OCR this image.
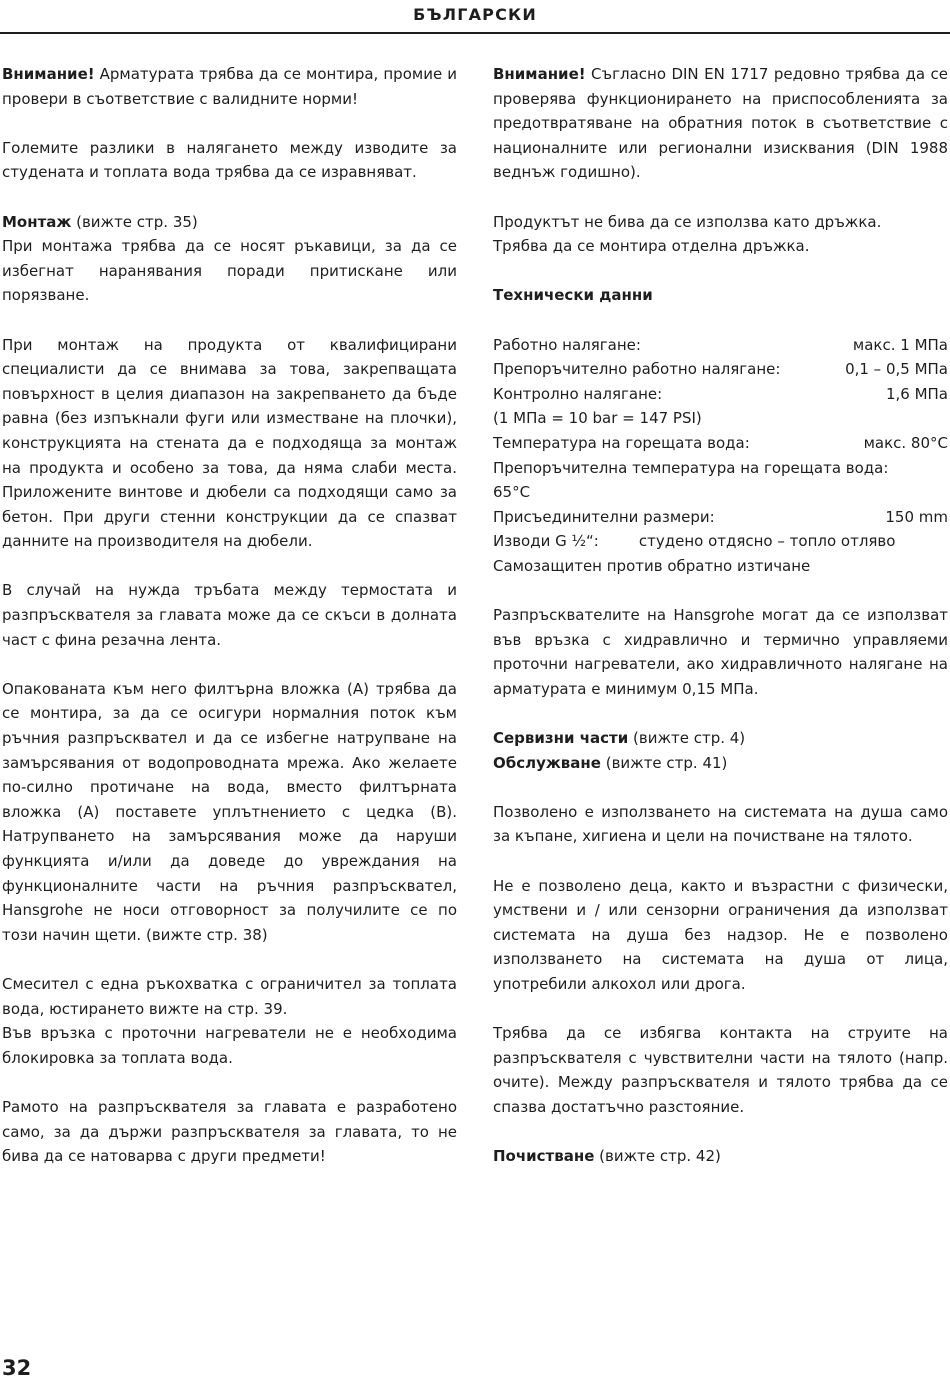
БЪЛГАРСКИ

Внимание! Арматурата трябва да се монтира, промие и провери в съответствие с валидните норми!

Големите разлики в налягането между изводите за студената и топлата вода трябва да се изравняват.

Монтаж (вижте стр. 35)
При монтажа трябва да се носят ръкавици, за да се избегнат наранявания поради притискане или порязване.

При монтаж на продукта от квалифицирани специалисти да се внимава за това, закрепващата повърхност в целия диапазон на закрепването да бъде равна (без изпъкнали фуги или изместване на плочки), конструкцията на стената да е подходяща за монтаж на продукта и особено за това, да няма слаби места. Приложените винтове и дюбели са подходящи само за бетон. При други стенни конструкции да се спазват данните на производителя на дюбели.

В случай на нужда тръбата между термостата и разпръсквателя за главата може да се скъси в долната част с фина резачна лента.

Опакованата към него филтърна вложка (А) трябва да се монтира, за да се осигури нормалния поток към ръчния разпръсквател и да се избегне натрупване на замърсявания от водопроводната мрежа. Ако желаете по-силно протичане на вода, вместо филтърната вложка (А) поставете уплътнението с цедка (В). Натрупването на замърсявания може да наруши функцията и/или да доведе до увреждания на функционалните части на ръчния разпръсквател, Hansgrohe не носи отговорност за получилите се по този начин щети. (вижте стр. 38)

Смесител с една ръкохватка с ограничител за топлата вода, юстирането вижте на стр. 39.
Във връзка с проточни нагреватели не е необходима блокировка за топлата вода.

Рамото на разпръсквателя за главата е разработено само, за да държи разпръсквателя за главата, то не бива да се натоварва с други предмети!

Внимание! Съгласно DIN EN 1717 редовно трябва да се проверява функционирането на приспособленията за предотвратяване на обратния поток в съответствие с националните или регионални изисквания (DIN 1988 веднъж годишно).

Продуктът не бива да се използва като дръжка.
Трябва да се монтира отделна дръжка.

Технически данни

Работно налягане:	макс. 1 МПа
Препоръчително работно налягане:	0,1 – 0,5 МПа
Контролно налягане:	1,6 МПа
(1 МПа = 10 bar = 147 PSI)
Температура на горещата вода:	макс. 80°C
Препоръчителна температура на горещата вода:
65°C
Присъединителни размери:	150 mm
Изводи G ½“:	студено отдясно – топло отляво
Самозащитен против обратно изтичане

Разпръсквателите на Hansgrohe могат да се използват във връзка с хидравлично и термично управляеми проточни нагреватели, ако хидравличното налягане на арматурата е минимум 0,15 МПа.

Сервизни части (вижте стр. 4)
Обслужване (вижте стр. 41)

Позволено е използването на системата на душа само за къпане, хигиена и цели на почистване на тялото.

Не е позволено деца, както и възрастни с физически, умствени и / или сензорни ограничения да използват системата на душа без надзор. Не е позволено използването на системата на душа от лица, употребили алкохол или дрога.

Трябва да се избягва контакта на струите на разпръсквателя с чувствителни части на тялото (напр. очите). Между разпръсквателя и тялото трябва да се спазва достатъчно разстояние.

Почистване (вижте стр. 42)

32
